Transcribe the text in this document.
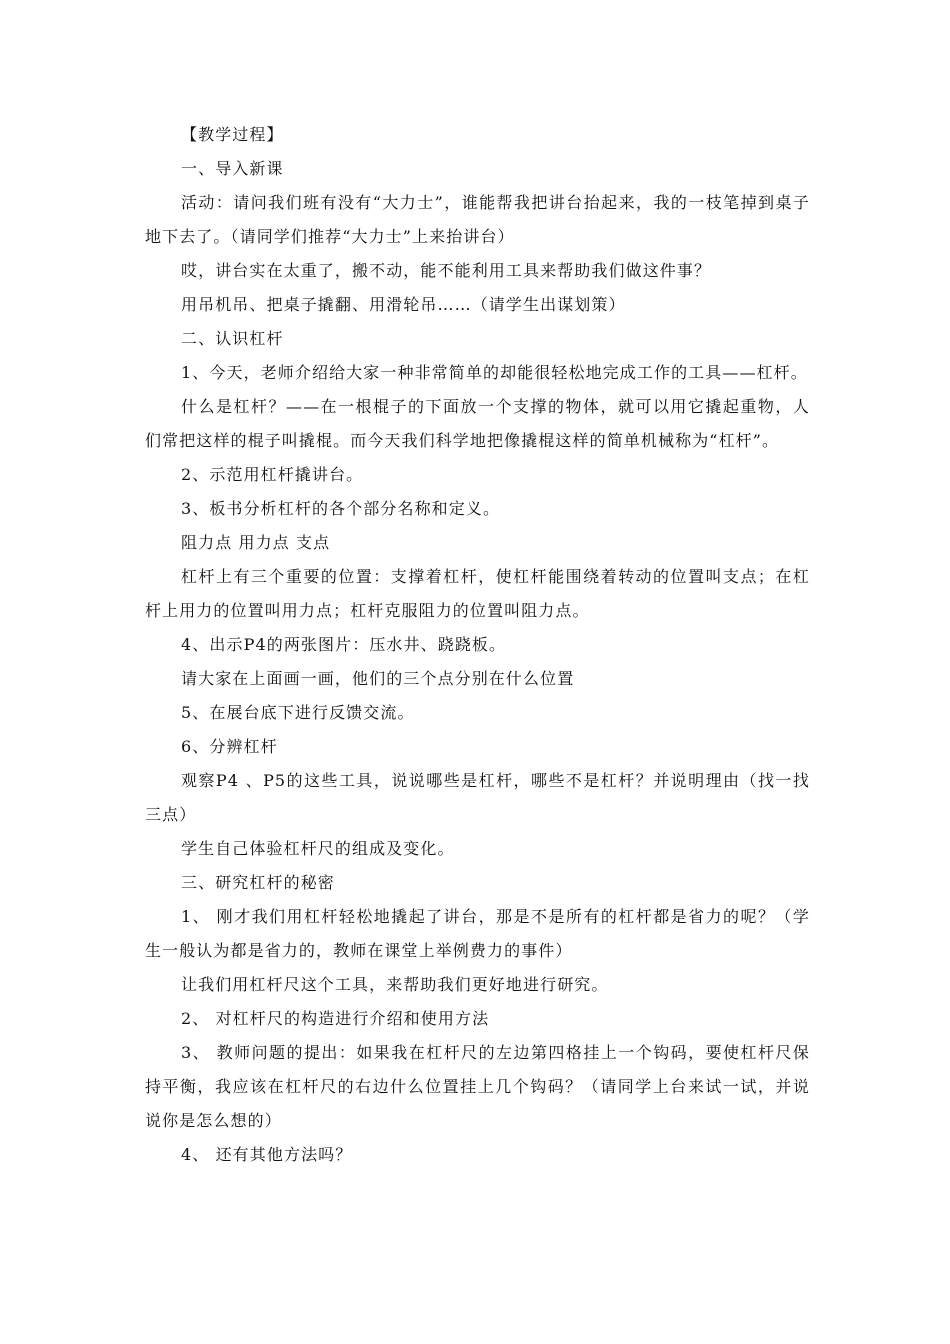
【教学过程】

一、导入新课

活动：请问我们班有没有“大力士”，谁能帮我把讲台抬起来，我的一枝笔掉到桌子地下去了。（请同学们推荐“大力士”上来抬讲台）

哎，讲台实在太重了，搬不动，能不能利用工具来帮助我们做这件事？

用吊机吊、把桌子撬翻、用滑轮吊……（请学生出谋划策）

二、认识杠杆

1、今天，老师介绍给大家一种非常简单的却能很轻松地完成工作的工具——杠杆。

什么是杠杆？——在一根棍子的下面放一个支撑的物体，就可以用它撬起重物，人们常把这样的棍子叫撬棍。而今天我们科学地把像撬棍这样的简单机械称为“杠杆”。

2、示范用杠杆撬讲台。

3、板书分析杠杆的各个部分名称和定义。

阻力点 用力点 支点

杠杆上有三个重要的位置：支撑着杠杆，使杠杆能围绕着转动的位置叫支点；在杠杆上用力的位置叫用力点；杠杆克服阻力的位置叫阻力点。

4、出示P4的两张图片：压水井、跷跷板。

请大家在上面画一画，他们的三个点分别在什么位置

5、在展台底下进行反馈交流。

6、分辨杠杆

观察P4 、P5的这些工具，说说哪些是杠杆，哪些不是杠杆？并说明理由（找一找三点）

学生自己体验杠杆尺的组成及变化。

三、研究杠杆的秘密

1、 刚才我们用杠杆轻松地撬起了讲台，那是不是所有的杠杆都是省力的呢？（学生一般认为都是省力的，教师在课堂上举例费力的事件）

让我们用杠杆尺这个工具，来帮助我们更好地进行研究。

2、 对杠杆尺的构造进行介绍和使用方法

3、 教师问题的提出：如果我在杠杆尺的左边第四格挂上一个钩码，要使杠杆尺保持平衡，我应该在杠杆尺的右边什么位置挂上几个钩码？（请同学上台来试一试，并说说你是怎么想的）

4、 还有其他方法吗？
